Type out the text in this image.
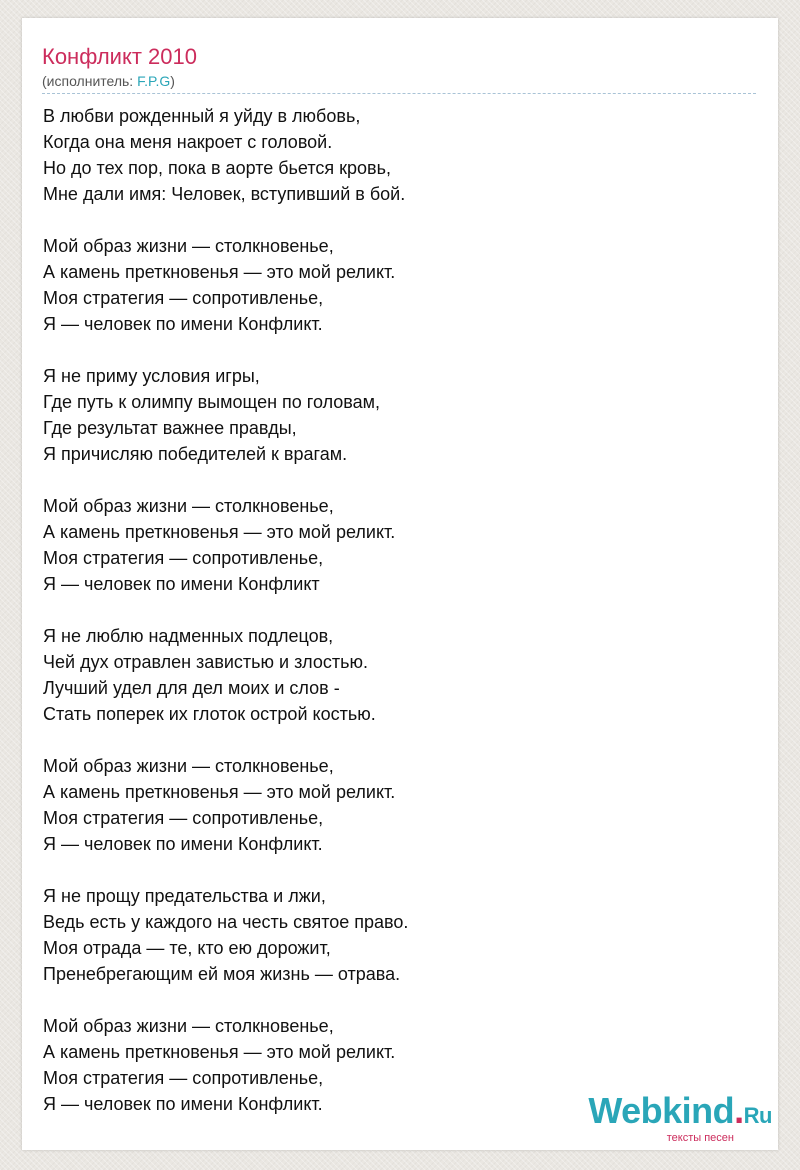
Конфликт 2010
(исполнитель: F.P.G)
В любви рожденный я уйду в любовь,
Когда она меня накроет с головой.
Но до тех пор, пока в аорте бьется кровь,
Мне дали имя: Человек, вступивший в бой.
Мой образ жизни — столкновенье,
А камень преткновенья — это мой реликт.
Моя стратегия — сопротивленье,
Я — человек по имени Конфликт.
Я не приму условия игры,
Где путь к олимпу вымощен по головам,
Где результат важнее правды,
Я причисляю победителей к врагам.
Мой образ жизни — столкновенье,
А камень преткновенья — это мой реликт.
Моя стратегия — сопротивленье,
Я — человек по имени Конфликт
Я не люблю надменных подлецов,
Чей дух отравлен завистью и злостью.
Лучший удел для дел моих и слов -
Стать поперек их глоток острой костью.
Мой образ жизни — столкновенье,
А камень преткновенья — это мой реликт.
Моя стратегия — сопротивленье,
Я — человек по имени Конфликт.
Я не прощу предательства и лжи,
Ведь есть у каждого на честь святое право.
Моя отрада — те, кто ею дорожит,
Пренебрегающим ей моя жизнь — отрава.
Мой образ жизни — столкновенье,
А камень преткновенья — это мой реликт.
Моя стратегия — сопротивленье,
Я — человек по имени Конфликт.	Webkind.Ru
тексты песен
